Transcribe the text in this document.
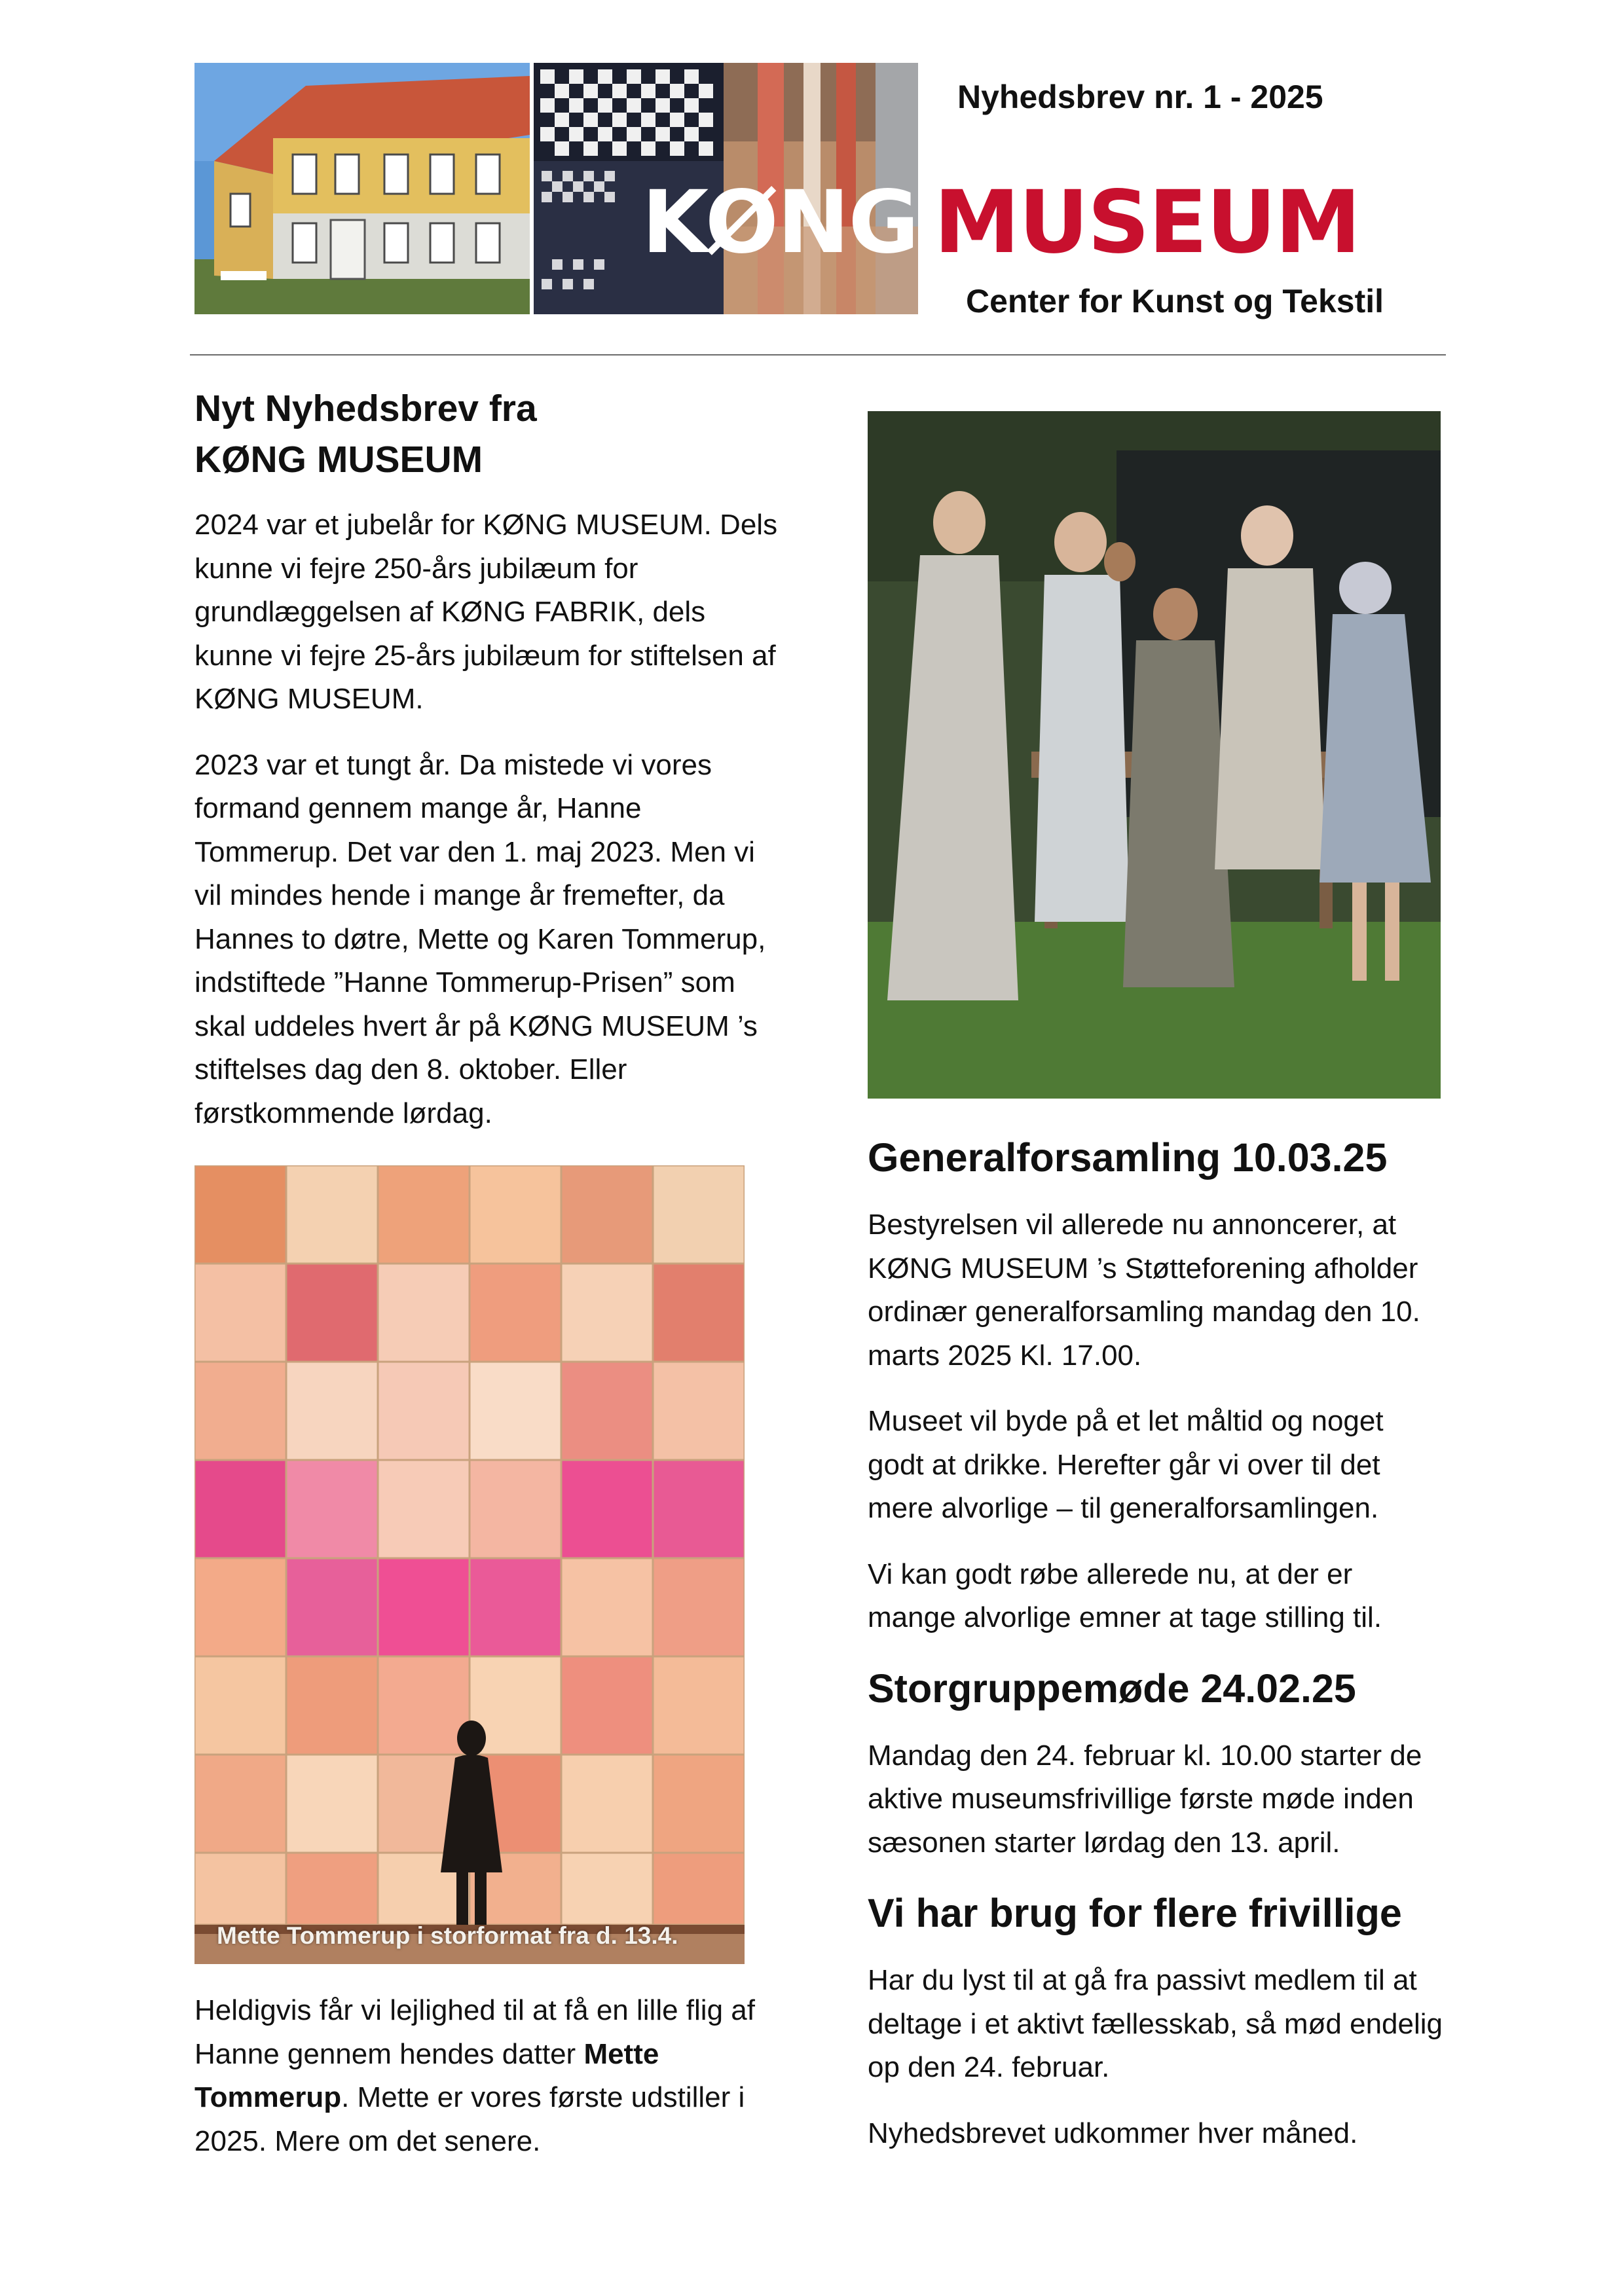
KØNG  MUSEUM
Nyhedsbrev nr. 1 - 2025
Center for Kunst og Tekstil
Nyt Nyhedsbrev fra
KØNG MUSEUM

2024 var et jubelår for KØNG MUSEUM. Dels kunne vi fejre 250-års jubilæum for grundlæggelsen af KØNG FABRIK, dels kunne vi fejre 25-års jubilæum for stiftelsen af KØNG MUSEUM.

2023 var et tungt år. Da mistede vi vores formand gennem mange år, Hanne Tommerup. Det var den 1. maj 2023. Men vi vil mindes hende i mange år fremefter, da Hannes to døtre, Mette og Karen Tommerup, indstiftede ”Hanne Tommerup-Prisen” som skal uddeles hvert år på KØNG MUSEUM ’s stiftelses dag den 8. oktober. Eller førstkommende lørdag.

Mette Tommerup i storformat fra d. 13.4.

Heldigvis får vi lejlighed til at få en lille flig af Hanne gennem hendes datter Mette Tommerup. Mette er vores første udstiller i 2025. Mere om det senere.

Generalforsamling 10.03.25

Bestyrelsen vil allerede nu annoncerer, at KØNG MUSEUM ’s Støtteforening afholder ordinær generalforsamling mandag den 10. marts 2025 Kl. 17.00.

Museet vil byde på et let måltid og noget godt at drikke. Herefter går vi over til det mere alvorlige – til generalforsamlingen.

Vi kan godt røbe allerede nu, at der er mange alvorlige emner at tage stilling til.

Storgruppemøde 24.02.25

Mandag den 24. februar kl. 10.00 starter de aktive museumsfrivillige første møde inden sæsonen starter lørdag den 13. april.

Vi har brug for flere frivillige

Har du lyst til at gå fra passivt medlem til at deltage i et aktivt fællesskab, så mød endelig op den 24. februar.

Nyhedsbrevet udkommer hver måned.
